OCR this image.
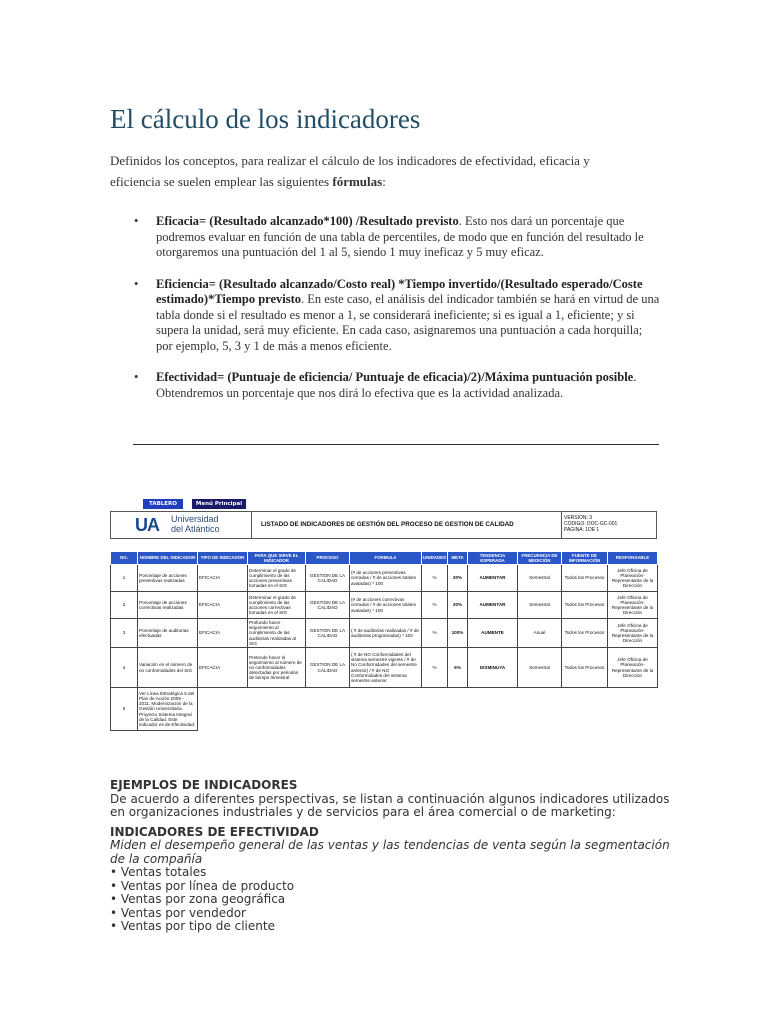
El cálculo de los indicadores

Definidos los conceptos, para realizar el cálculo de los indicadores de efectividad, eficacia y eficiencia se suelen emplear las siguientes fórmulas:

• Eficacia= (Resultado alcanzado*100) /Resultado previsto. Esto nos dará un porcentaje que podremos evaluar en función de una tabla de percentiles, de modo que en función del resultado le otorgaremos una puntuación del 1 al 5, siendo 1 muy ineficaz y 5 muy eficaz.
• Eficiencia= (Resultado alcanzado/Costo real) *Tiempo invertido/(Resultado esperado/Coste estimado)*Tiempo previsto. En este caso, el análisis del indicador también se hará en virtud de una tabla donde si el resultado es menor a 1, se considerará ineficiente; si es igual a 1, eficiente; y si supera la unidad, será muy eficiente. En cada caso, asignaremos una puntuación a cada horquilla; por ejemplo, 5, 3 y 1 de más a menos eficiente.
• Efectividad= (Puntuaje de eficiencia/ Puntuaje de eficacia)/2)/Máxima puntuación posible. Obtendremos un porcentaje que nos dirá lo efectiva que es la actividad analizada.
TABLERO	Menú Principal
UA Universidad
del Atlántico	LISTADO DE INDICADORES DE GESTIÓN DEL PROCESO DE GESTION DE CALIDAD
VERSION: 3
CODIGO: DOC-GC-001
PAGINA: 1DE 1
NO.	NOMBRE DEL INDICADOR	TIPO DE INDICADOR	PARA QUE SIRVE EL INDICADOR	PROCESO	FORMULA	UNIDADES	META	TENDENCIA ESPERADA	FRECUENCIA DE MEDICIÓN	FUENTE DE INFORMACIÓN	RESPONSABLE
1	Porcentaje de acciones preventivas realizadas	EFICACIA	Determinar el grado de cumplimiento de las acciones preventivas tomadas en el SIG	GESTION DE LA CALIDAD	(# de acciones preventivas cerradas / # de acciones totales avaladas) * 100	%	30%	AUMENTAR	Semestral	Todos los Procesos	Jefe Oficina de Planeación-Representante de la Dirección
2	Porcentaje de acciones correctivas realizadas	EFICACIA	Determinar el grado de cumplimiento de las acciones correctivas tomadas en el SIG	GESTION DE LA CALIDAD	(# de acciones correctivas cerradas / # de acciones totales avaladas) * 100	%	30%	AUMENTAR	Semestral	Todos los Procesos	Jefe Oficina de Planeación-Representante de la Dirección
3	Porcentaje de auditorias efectuadas	EFICACIA	Profundo hacer seguimiento al cumplimiento de las auditorias realizadas al SIG	GESTION DE LA CALIDAD	( # de auditorias realizadas / # de auditorias programadas) * 100	%	100%	AUMENTE	Anual	Todos los Procesos	Jefe Oficina de Planeación-Representante de la Dirección
4	Variación en el número de no conformidades del SIG	EFICACIA	Pretende hacer el seguimiento al número de no conformidades detectadas por periodos de tiempo trimestral	GESTION DE LA CALIDAD	( # de NO Conformidades del sistema semestre vigente / # de No Conformidades del semestre anterior) / # de NO Conformidades del sistema semestre anterior	%	5%	DISMINUYA	Semestral	Todos los Procesos	Jefe Oficina de Planeación-Representante de la Dirección
5	Ver Línea Estratégica 5 del Plan de Acción 2009 - 2011. Modernización de la Gestión Universitaria. Proyecto Sistema Integral de la Calidad. Este indicador es de Efectividad.										
EJEMPLOS DE INDICADORES
De acuerdo a diferentes perspectivas, se listan a continuación algunos indicadores utilizados en organizaciones industriales y de servicios para el área comercial o de marketing:
INDICADORES DE EFECTIVIDAD
Miden el desempeño general de las ventas y las tendencias de venta según la segmentación de la compañía
• Ventas totales
• Ventas por línea de producto
• Ventas por zona geográfica
• Ventas por vendedor
• Ventas por tipo de cliente
